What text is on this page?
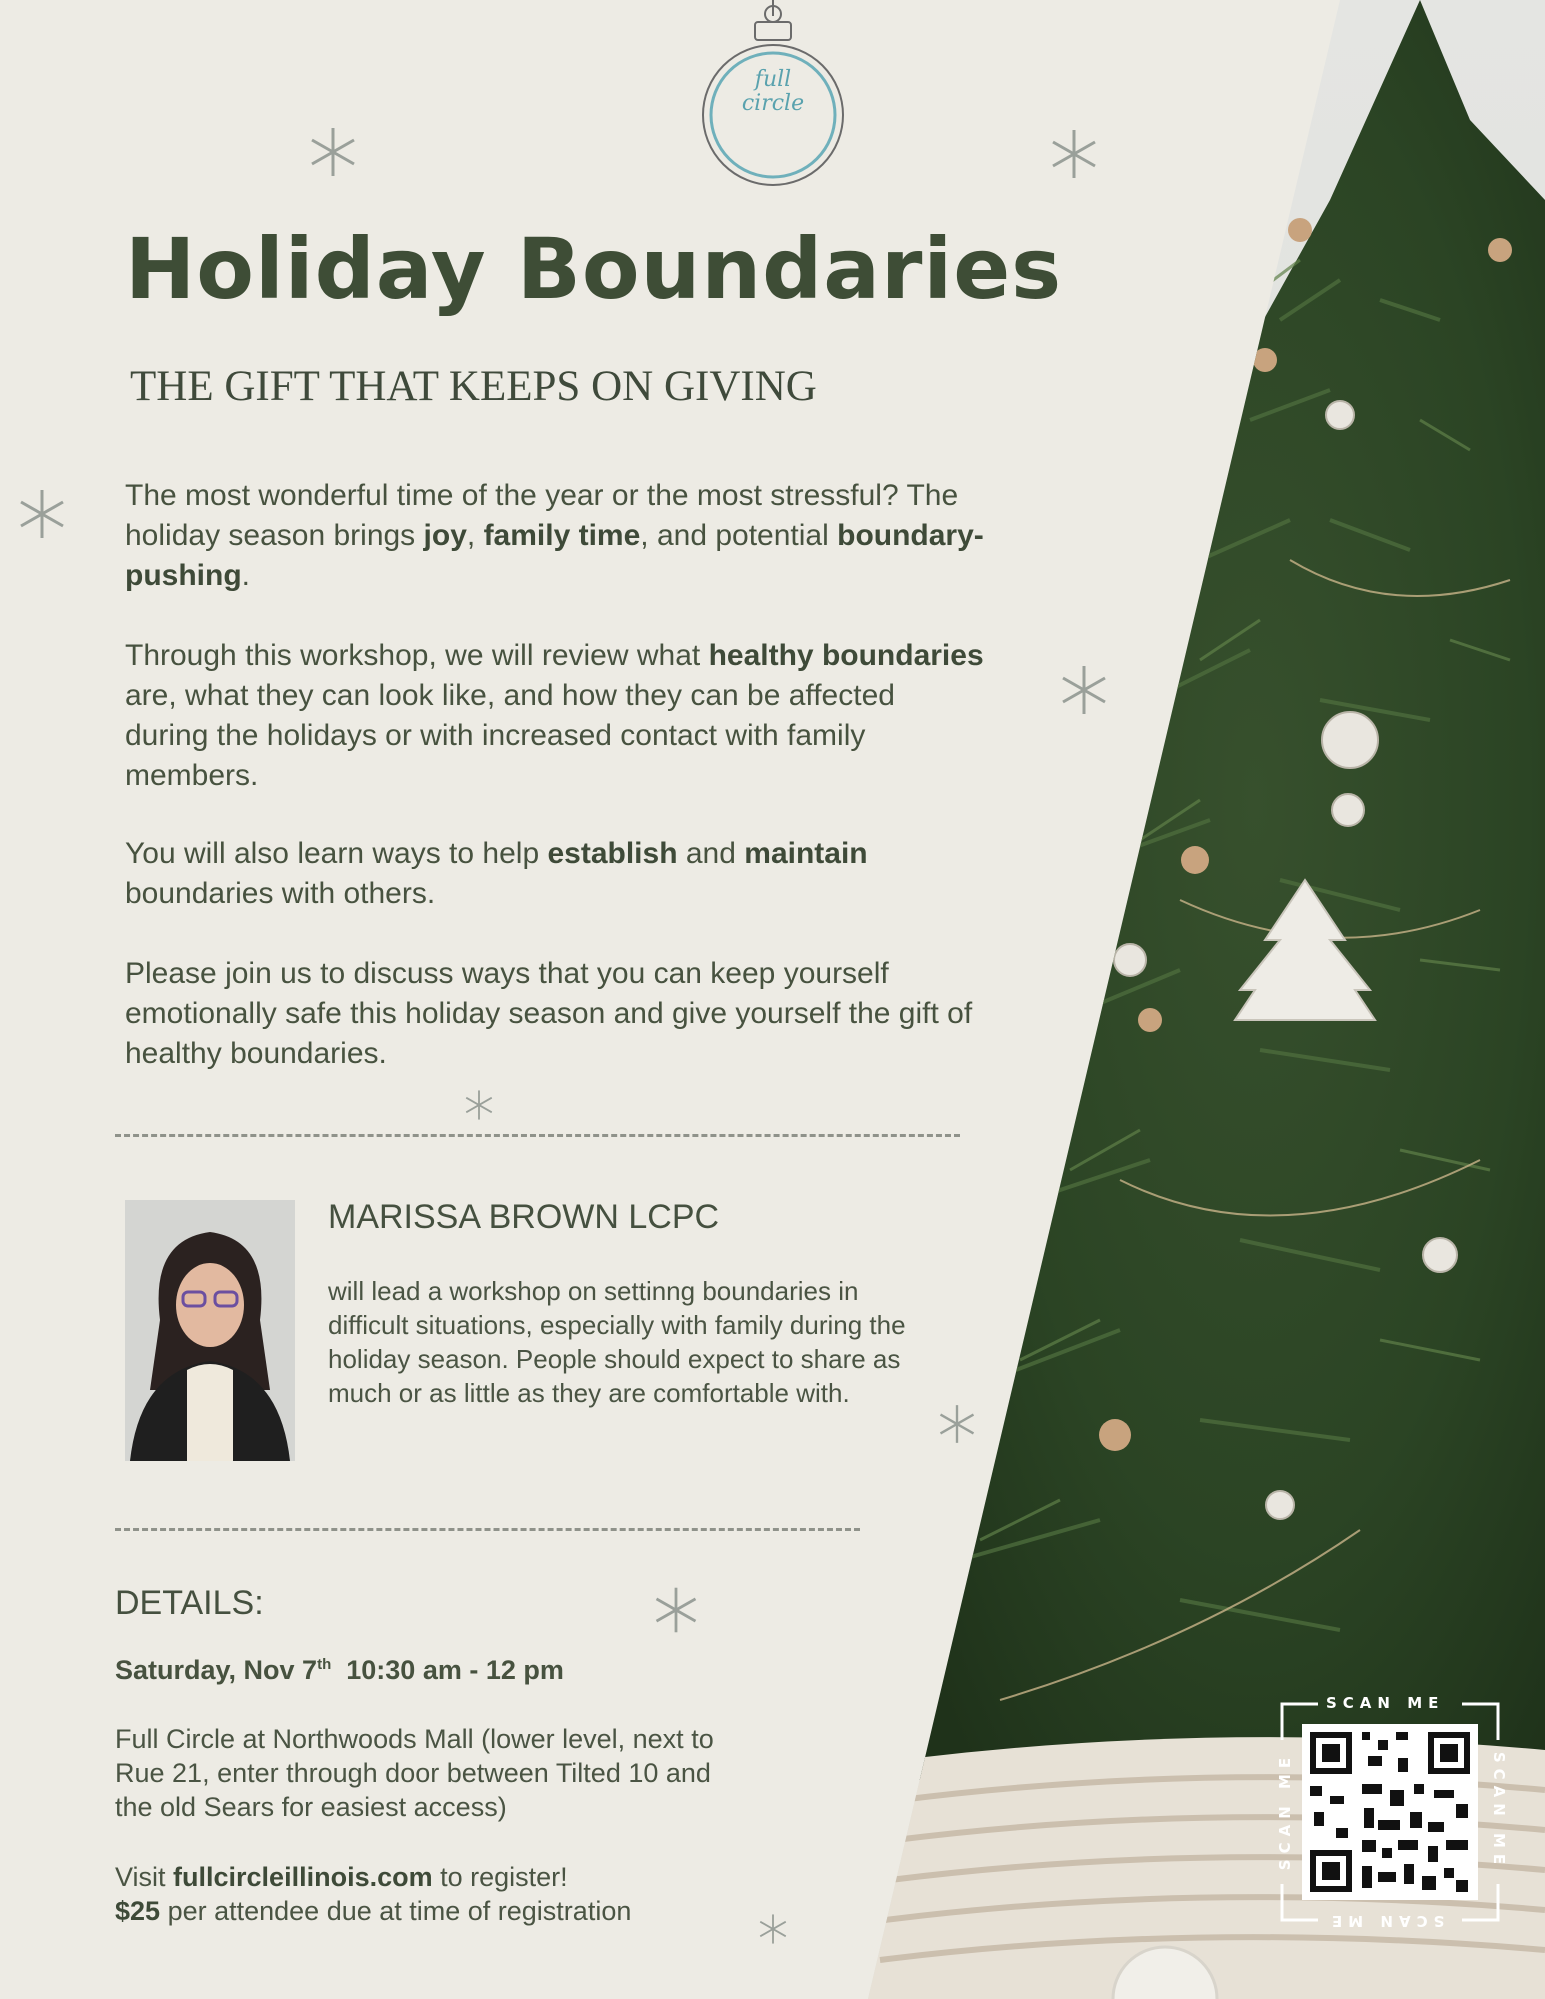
full
circle
Holiday Boundaries
THE GIFT THAT KEEPS ON GIVING
The most wonderful time of the year or the most stressful? The holiday season brings joy, family time, and potential boundary-pushing.
Through this workshop, we will review what healthy boundaries are, what they can look like, and how they can be affected during the holidays or with increased contact with family members.
You will also learn ways to help establish and maintain boundaries with others.
Please join us to discuss ways that you can keep yourself emotionally safe this holiday season and give yourself the gift of healthy boundaries.
MARISSA BROWN LCPC
will lead a workshop on settinng boundaries in difficult situations, especially with family during the holiday season. People should expect to share as much or as little as they are comfortable with.
DETAILS:
Saturday, Nov 7th 10:30 am - 12 pm
Full Circle at Northwoods Mall (lower level, next to Rue 21, enter through door between Tilted 10 and the old Sears for easiest access)
Visit fullcircleillinois.com to register!
$25 per attendee due at time of registration
SCAN ME
SCAN ME
SCAN ME	SCAN ME
